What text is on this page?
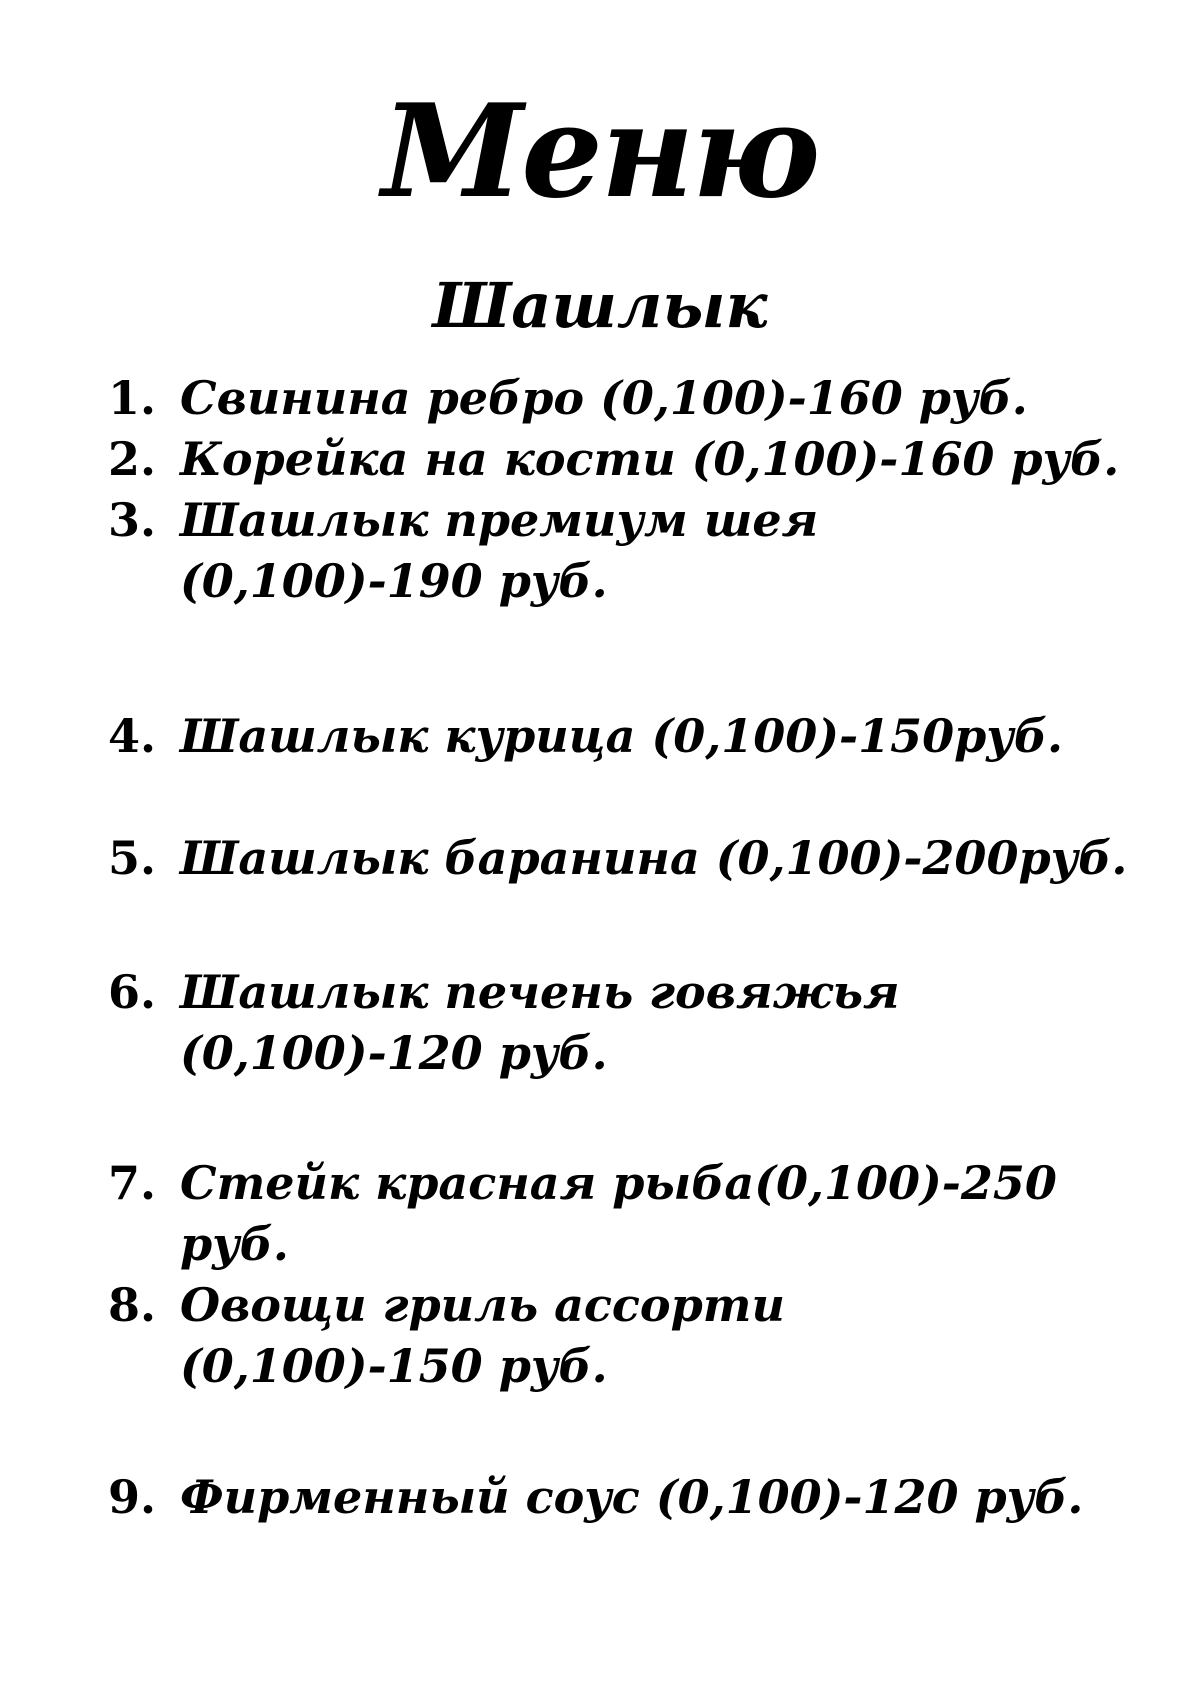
Меню
Шашлык
1. Свинина ребро (0,100)-160 руб.
2. Корейка на кости (0,100)-160 руб.
3. Шашлык премиум шея (0,100)-190 руб.
4. Шашлык курица (0,100)-150руб.
5. Шашлык баранина (0,100)-200руб.
6. Шашлык печень говяжья (0,100)-120 руб.
7. Стейк красная рыба(0,100)-250 руб.
8. Овощи гриль ассорти (0,100)-150 руб.
9. Фирменный соус (0,100)-120 руб.
